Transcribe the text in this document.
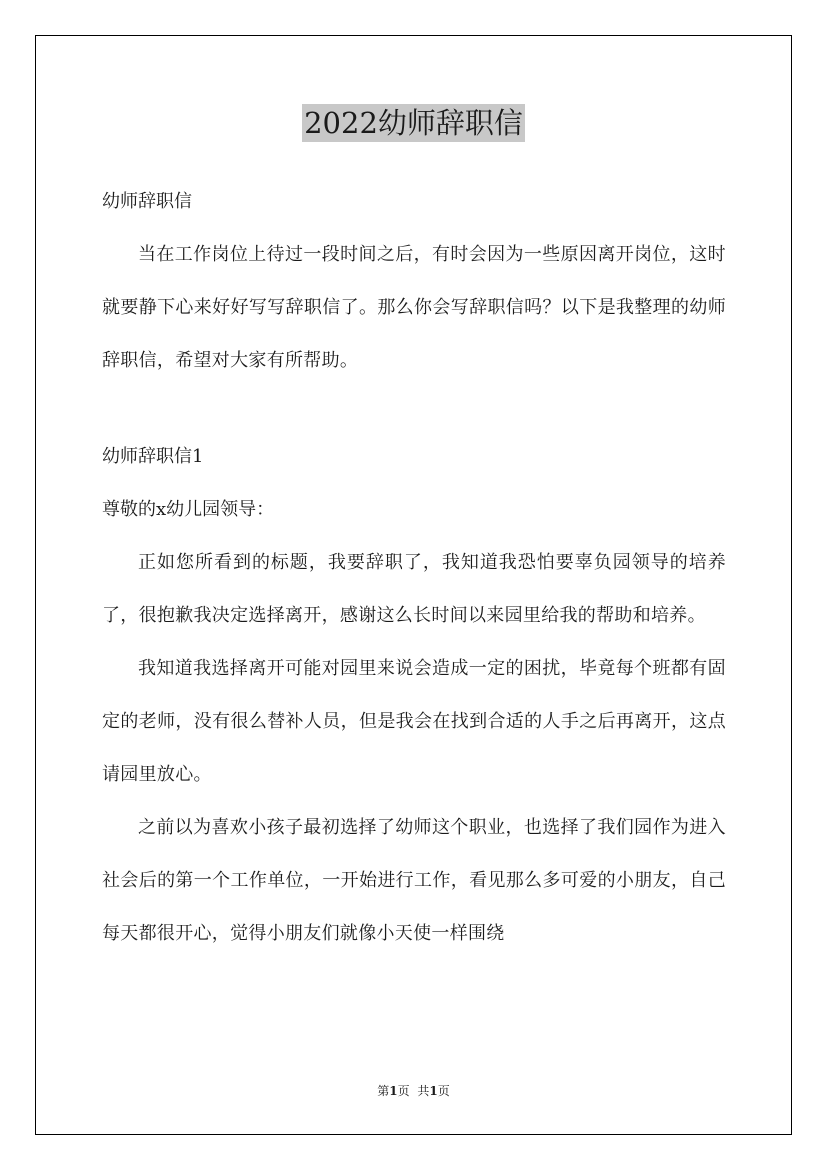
2022幼师辞职信

幼师辞职信

当在工作岗位上待过一段时间之后，有时会因为一些原因离开岗位，这时就要静下心来好好写写辞职信了。那么你会写辞职信吗？以下是我整理的幼师辞职信，希望对大家有所帮助。

幼师辞职信1

尊敬的x幼儿园领导：

正如您所看到的标题，我要辞职了，我知道我恐怕要辜负园领导的培养了，很抱歉我决定选择离开，感谢这么长时间以来园里给我的帮助和培养。

我知道我选择离开可能对园里来说会造成一定的困扰，毕竟每个班都有固定的老师，没有很么替补人员，但是我会在找到合适的人手之后再离开，这点请园里放心。

之前以为喜欢小孩子最初选择了幼师这个职业，也选择了我们园作为进入社会后的第一个工作单位，一开始进行工作，看见那么多可爱的小朋友，自己每天都很开心，觉得小朋友们就像小天使一样围绕

第1页 共1页
